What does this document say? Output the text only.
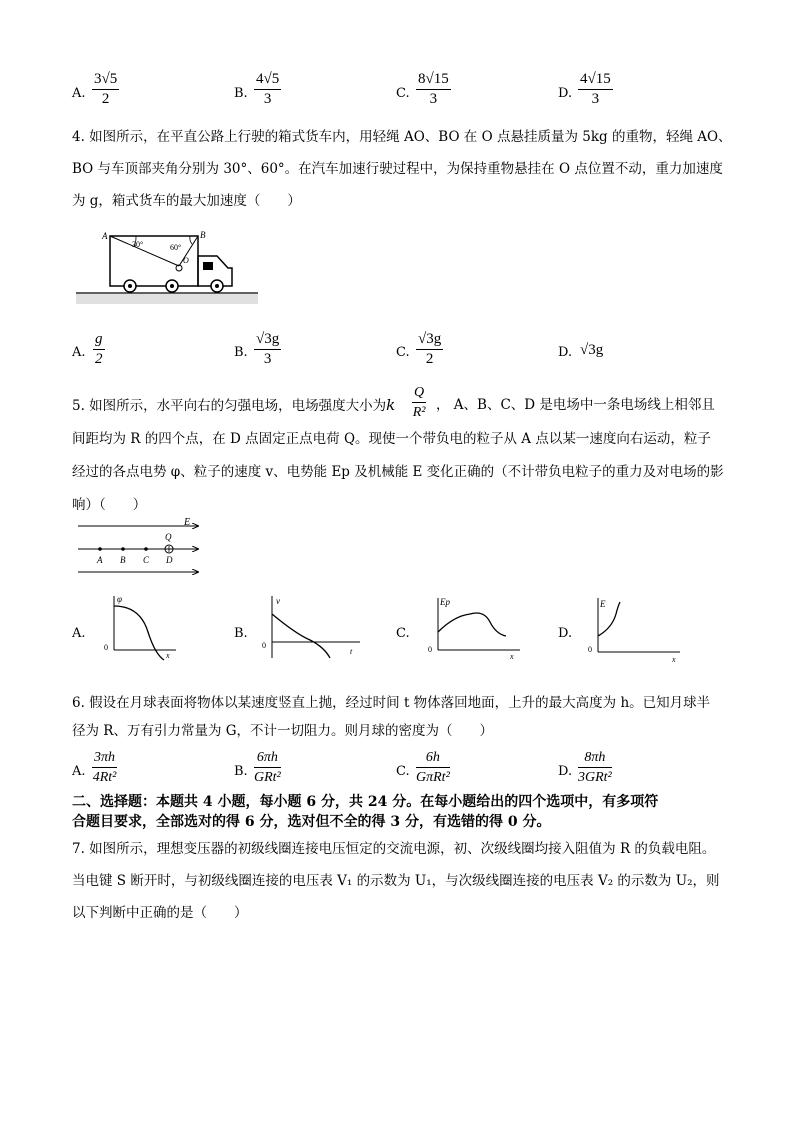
A. $\frac{3√5}{2}$	B. $\frac{4√5}{3}$	C. $\frac{8√15}{3}$	D. $\frac{4√15}{3}$
4. 如图所示，在平直公路上行驶的箱式货车内，用轻绳 AO、BO 在 O 点悬挂质量为 5kg 的重物，轻绳 AO、
BO 与车顶部夹角分别为 30°、60°。在汽车加速行驶过程中，为保持重物悬挂在 O 点位置不动，重力加速度
为 g，箱式货车的最大加速度（　　）
A	B
30°	60°
O
A. $\frac{g}{2}$	B. $\frac{√3g}{3}$	C. $\frac{√3g}{2}$	D. √3g
5. 如图所示，水平向右的匀强电场，电场强度大小为k $\frac{Q}{\text{R²}}$ ， A、B、C、D 是电场中一条电场线上相邻且
间距均为 R 的四个点，在 D 点固定正点电荷 Q。现使一个带负电的粒子从 A 点以某一速度向右运动，粒子
经过的各点电势 φ、粒子的速度 v、电势能 Ep 及机械能 E 变化正确的（不计带负电粒子的重力及对电场的影
响）（　　）
E
Q
A B C D
A.
φ
0
x
B.
v
0
t
C.
Ep
0
x
D.
E
0
x
6. 假设在月球表面将物体以某速度竖直上抛，经过时间 t 物体落回地面，上升的最大高度为 h。已知月球半
径为 R、万有引力常量为 G，不计一切阻力。则月球的密度为（　　）
A. $\frac{3\pi h}{\text{4Rt²}}$	B.
6πh
GRt²	C.
6h
GπRt²	D.
8πh
3GRt²
二、选择题：本题共 4 小题，每小题 6 分，共 24 分。在每小题给出的四个选项中，有多项符
合题目要求，全部选对的得 6 分，选对但不全的得 3 分，有选错的得 0 分。
7. 如图所示，理想变压器的初级线圈连接电压恒定的交流电源，初、次级线圈均接入阻值为 R 的负载电阻。
当电键 S 断开时，与初级线圈连接的电压表 V₁ 的示数为 U₁，与次级线圈连接的电压表 V₂ 的示数为 U₂，则
以下判断中正确的是（　　）
